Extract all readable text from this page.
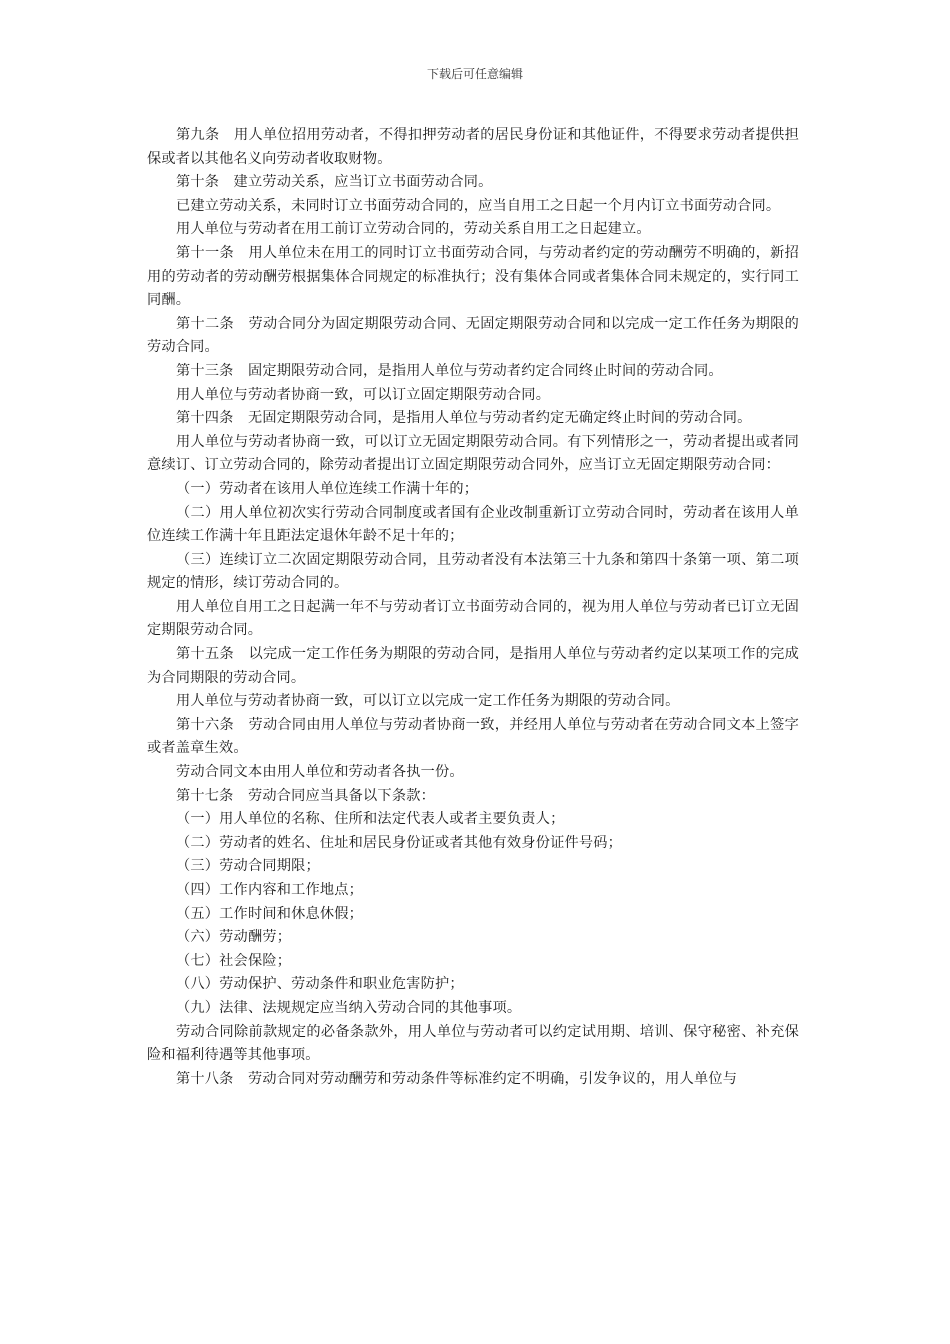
下载后可任意编辑

第九条　用人单位招用劳动者，不得扣押劳动者的居民身份证和其他证件，不得要求劳动者提供担保或者以其他名义向劳动者收取财物。

第十条　建立劳动关系，应当订立书面劳动合同。

已建立劳动关系，未同时订立书面劳动合同的，应当自用工之日起一个月内订立书面劳动合同。

用人单位与劳动者在用工前订立劳动合同的，劳动关系自用工之日起建立。

第十一条　用人单位未在用工的同时订立书面劳动合同，与劳动者约定的劳动酬劳不明确的，新招用的劳动者的劳动酬劳根据集体合同规定的标准执行；没有集体合同或者集体合同未规定的，实行同工同酬。

第十二条　劳动合同分为固定期限劳动合同、无固定期限劳动合同和以完成一定工作任务为期限的劳动合同。

第十三条　固定期限劳动合同，是指用人单位与劳动者约定合同终止时间的劳动合同。

用人单位与劳动者协商一致，可以订立固定期限劳动合同。

第十四条　无固定期限劳动合同，是指用人单位与劳动者约定无确定终止时间的劳动合同。

用人单位与劳动者协商一致，可以订立无固定期限劳动合同。有下列情形之一，劳动者提出或者同意续订、订立劳动合同的，除劳动者提出订立固定期限劳动合同外，应当订立无固定期限劳动合同：

（一）劳动者在该用人单位连续工作满十年的；

（二）用人单位初次实行劳动合同制度或者国有企业改制重新订立劳动合同时，劳动者在该用人单位连续工作满十年且距法定退休年龄不足十年的；

（三）连续订立二次固定期限劳动合同，且劳动者没有本法第三十九条和第四十条第一项、第二项规定的情形，续订劳动合同的。

用人单位自用工之日起满一年不与劳动者订立书面劳动合同的，视为用人单位与劳动者已订立无固定期限劳动合同。

第十五条　以完成一定工作任务为期限的劳动合同，是指用人单位与劳动者约定以某项工作的完成为合同期限的劳动合同。

用人单位与劳动者协商一致，可以订立以完成一定工作任务为期限的劳动合同。

第十六条　劳动合同由用人单位与劳动者协商一致，并经用人单位与劳动者在劳动合同文本上签字或者盖章生效。

劳动合同文本由用人单位和劳动者各执一份。

第十七条　劳动合同应当具备以下条款：

（一）用人单位的名称、住所和法定代表人或者主要负责人；

（二）劳动者的姓名、住址和居民身份证或者其他有效身份证件号码；

（三）劳动合同期限；

（四）工作内容和工作地点；

（五）工作时间和休息休假；

（六）劳动酬劳；

（七）社会保险；

（八）劳动保护、劳动条件和职业危害防护；

（九）法律、法规规定应当纳入劳动合同的其他事项。

劳动合同除前款规定的必备条款外，用人单位与劳动者可以约定试用期、培训、保守秘密、补充保险和福利待遇等其他事项。

第十八条　劳动合同对劳动酬劳和劳动条件等标准约定不明确，引发争议的，用人单位与
